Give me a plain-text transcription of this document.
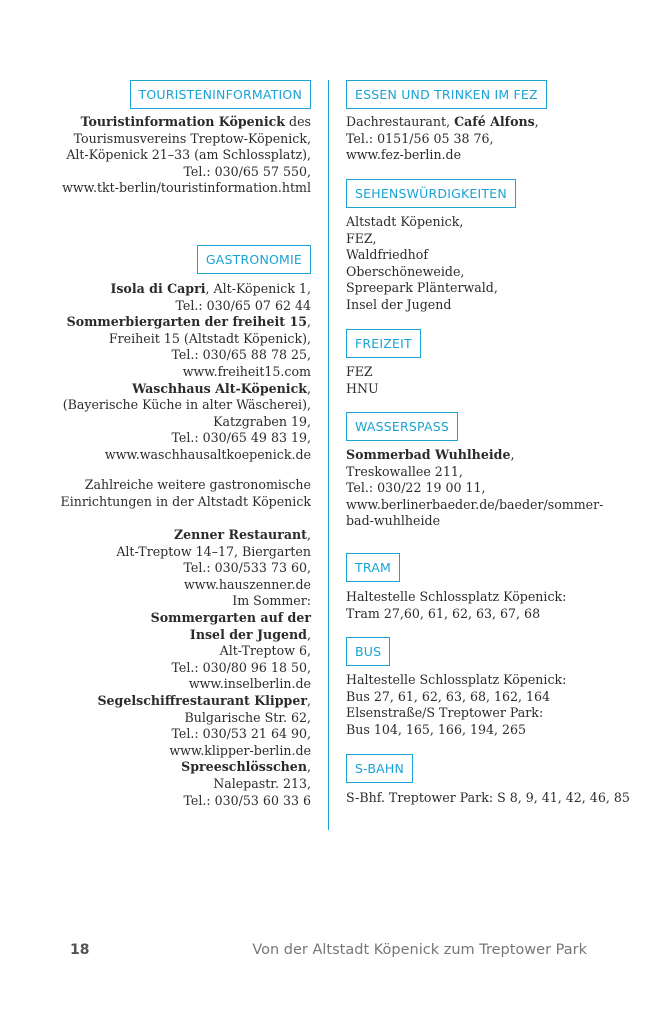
TOURISTENINFORMATION
Touristinformation Köpenick des
Tourismusvereins Treptow-Köpenick,
Alt-Köpenick 21–33 (am Schlossplatz),
Tel.: 030/65 57 550,
www.tkt-berlin/touristinformation.html
GASTRONOMIE
Isola di Capri, Alt-Köpenick 1,
Tel.: 030/65 07 62 44
Sommerbiergarten der freiheit 15,
Freiheit 15 (Altstadt Köpenick),
Tel.: 030/65 88 78 25,
www.freiheit15.com
Waschhaus Alt-Köpenick,
(Bayerische Küche in alter Wäscherei),
Katzgraben 19,
Tel.: 030/65 49 83 19,
www.waschhausaltkoepenick.de
Zahlreiche weitere gastronomische
Einrichtungen in der Altstadt Köpenick
Zenner Restaurant,
Alt-Treptow 14–17, Biergarten
Tel.: 030/533 73 60,
www.hauszenner.de
Im Sommer:
Sommergarten auf der
Insel der Jugend,
Alt-Treptow 6,
Tel.: 030/80 96 18 50,
www.inselberlin.de
Segelschiffrestaurant Klipper,
Bulgarische Str. 62,
Tel.: 030/53 21 64 90,
www.klipper-berlin.de
Spreeschlösschen,
Nalepastr. 213,
Tel.: 030/53 60 33 6
ESSEN UND TRINKEN IM FEZ
Dachrestaurant, Café Alfons,
Tel.: 0151/56 05 38 76,
www.fez-berlin.de
SEHENSWÜRDIGKEITEN
Altstadt Köpenick,
FEZ,
Waldfriedhof
Oberschöneweide,
Spreepark Plänterwald,
Insel der Jugend
FREIZEIT
FEZ
HNU
WASSERSPASS
Sommerbad Wuhlheide,
Treskowallee 211,
Tel.: 030/22 19 00 11,
www.berlinerbaeder.de/baeder/sommer-
bad-wuhlheide
TRAM
Haltestelle Schlossplatz Köpenick:
Tram 27,60, 61, 62, 63, 67, 68
BUS
Haltestelle Schlossplatz Köpenick:
Bus 27, 61, 62, 63, 68, 162, 164
Elsenstraße/S Treptower Park:
Bus 104, 165, 166, 194, 265
S-BAHN
S-Bhf. Treptower Park: S 8, 9, 41, 42, 46, 85
18	Von der Altstadt Köpenick zum Treptower Park
